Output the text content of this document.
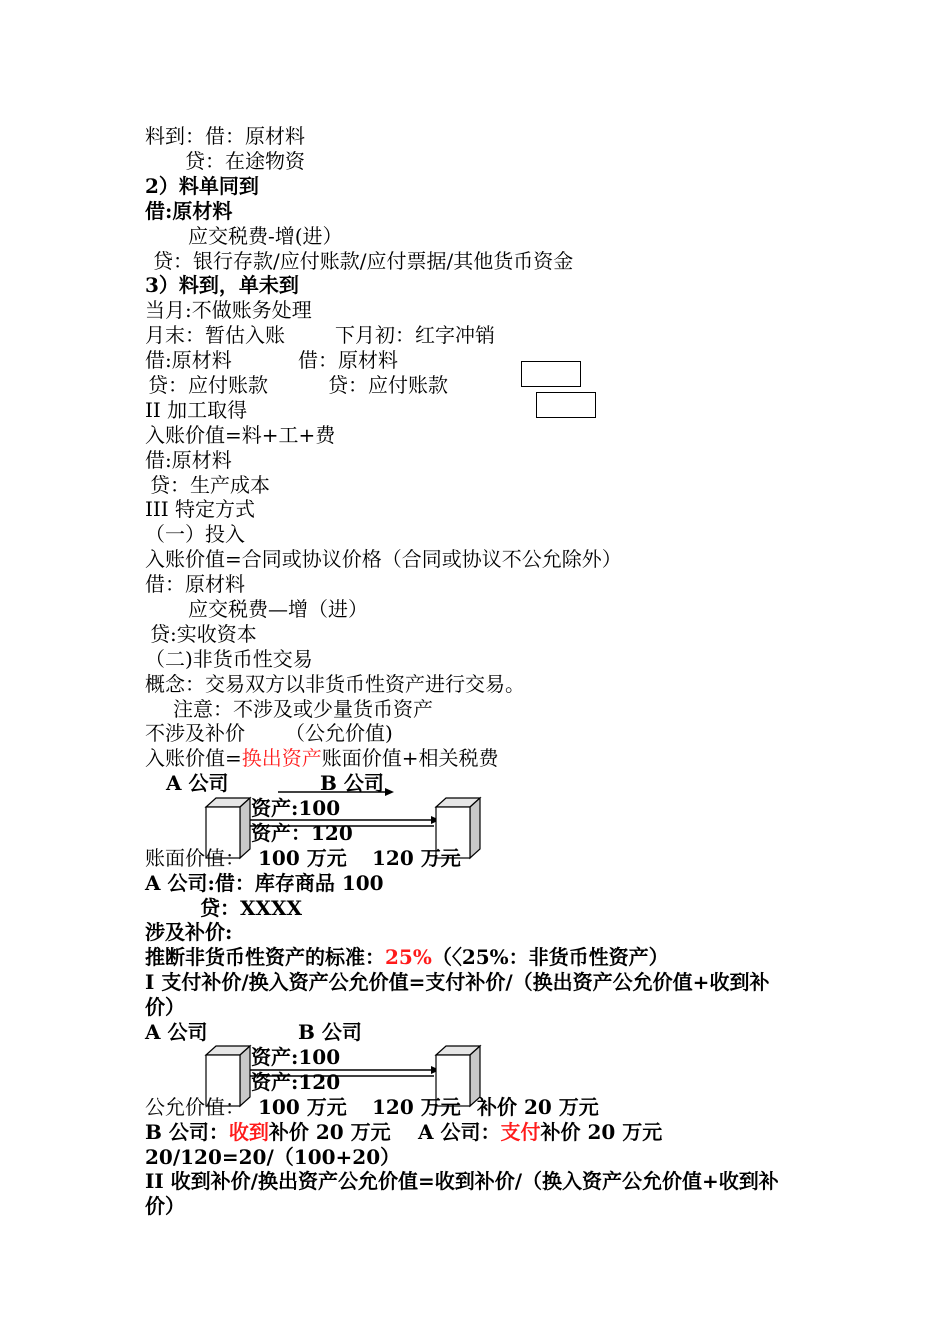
料到：借：原材料
贷：在途物资
2）料单同到
借:原材料
应交税费-增(进）
贷：银行存款/应付账款/应付票据/其他货币资金
3）料到，单未到
当月:不做账务处理
月末：暂估入账	下月初：红字冲销
借:原材料	借：原材料
贷：应付账款	贷：应付账款
II 加工取得
入账价值=料+工+费
借:原材料
贷：生产成本
III 特定方式
（一）投入
入账价值=合同或协议价格（合同或协议不公允除外）
借：原材料
应交税费—增（进）
贷:实收资本
（二)非货币性交易
概念：交易双方以非货币性资产进行交易。
注意：不涉及或少量货币资产
不涉及补价 （公允价值)
入账价值=换出资产账面价值+相关税费
A 公司	B 公司
资产:100
资产：120
账面价值： 100 万元 120 万元
A 公司:借：库存商品 100
贷：XXXX
涉及补价:
推断非货币性资产的标准：25%（〈25%：非货币性资产）
I 支付补价/换入资产公允价值=支付补价/（换出资产公允价值+收到补
价）
A 公司	B 公司
资产:100
资产:120
公允价值： 100 万元 120 万元 补价 20 万元
B 公司：收到补价 20 万元 A 公司：支付补价 20 万元
20/120=20/（100+20）
II 收到补价/换出资产公允价值=收到补价/（换入资产公允价值+收到补
价）
